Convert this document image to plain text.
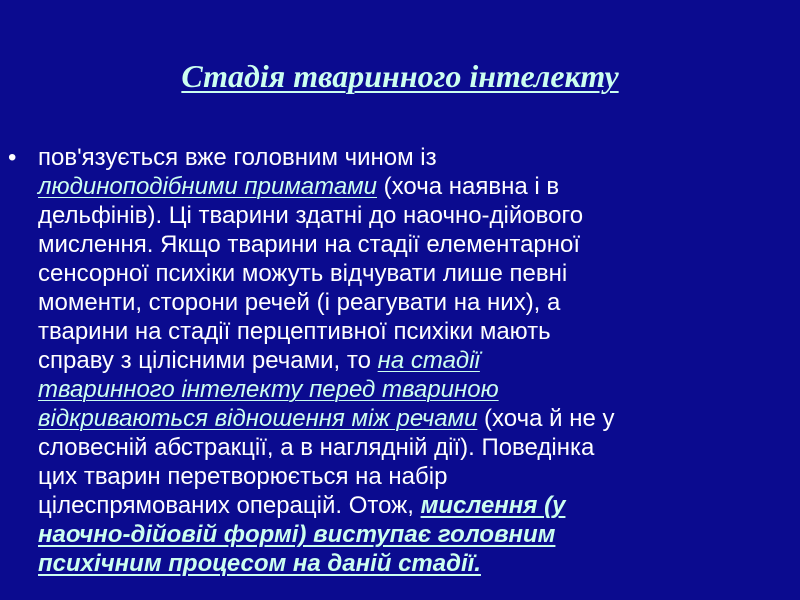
Стадія тваринного інтелекту
• пов'язується вже головним чином із
людиноподібними приматами (хоча наявна і в
дельфінів). Ці тварини здатні до наочно-дійового
мислення. Якщо тварини на стадії елементарної
сенсорної психіки можуть відчувати лише певні
моменти, сторони речей (і реагувати на них), а
тварини на стадії перцептивної психіки мають
справу з цілісними речами, то на стадії
тваринного інтелекту перед твариною
відкриваються відношення між речами (хоча й не у
словесній абстракції, а в наглядній дії). Поведінка
цих тварин перетворюється на набір
цілеспрямованих операцій. Отож, мислення (у
наочно-дійовій формі) виступає головним
психічним процесом на даній стадії.
